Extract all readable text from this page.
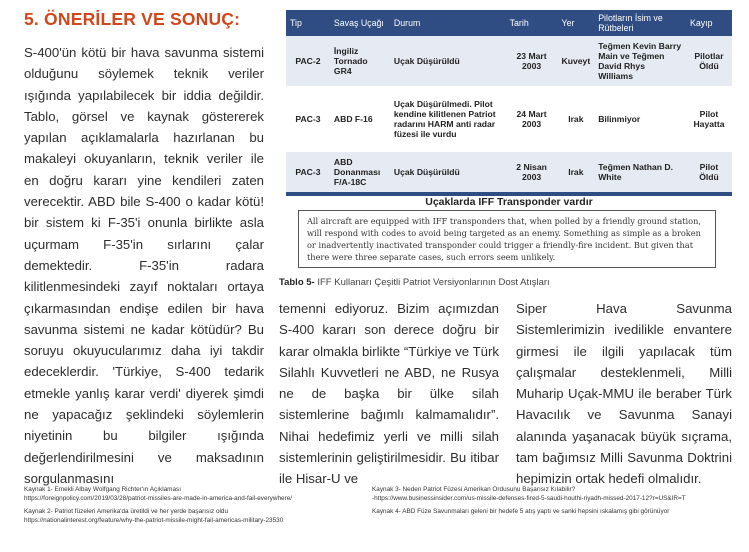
5. ÖNERİLER VE SONUÇ:

S-400'ün kötü bir hava savunma sistemi olduğunu söylemek teknik veriler ışığında yapılabilecek bir iddia değildir. Tablo, görsel ve kaynak göstererek yapılan açıklamalarla hazırlanan bu makaleyi okuyanların, teknik veriler ile en doğru kararı yine kendileri zaten verecektir. ABD bile S-400 o kadar kötü! bir sistem ki F-35'i onunla birlikte asla uçurmam F-35'in sırlarını çalar demektedir. F-35'in radara kilitlenmesindeki zayıf noktaları ortaya çıkarmasından endişe edilen bir hava savunma sistemi ne kadar kötüdür? Bu soruyu okuyucularımız daha iyi takdir edeceklerdir. 'Türkiye, S-400 tedarik etmekle yanlış karar verdi' diyerek şimdi ne yapacağız şeklindeki söylemlerin niyetinin bu bilgiler ışığında değerlendirilmesini ve maksadının sorgulanmasını

Tip	Savaş Uçağı	Durum	Tarih	Yer	Pilotların İsim ve Rütbeleri	Kayıp
PAC-2	İngiliz Tornado GR4	Uçak Düşürüldü	23 Mart 2003	Kuveyt	Teğmen Kevin Barry Main ve Teğmen David Rhys Williams	Pilotlar Öldü
PAC-3	ABD F-16	Uçak Düşürülmedi. Pilot kendine kilitlenen Patriot radarını HARM anti radar füzesi ile vurdu	24 Mart 2003	Irak	Bilinmiyor	Pilot Hayatta
PAC-3	ABD Donanması F/A-18C	Uçak Düşürüldü	2 Nisan 2003	Irak	Teğmen Nathan D. White	Pilot Öldü

Uçaklarda IFF Transponder vardır
All aircraft are equipped with IFF transponders that, when polled by a friendly ground station, will respond with codes to avoid being targeted as an enemy. Something as simple as a broken or inadvertently inactivated transponder could trigger a friendly-fire incident. But given that there were three separate cases, such errors seem unlikely.
Tablo 5- IFF Kullanarı Çeşitli Patriot Versiyonlarının Dost Atışları
temenni ediyoruz. Bizim açımızdan S-400 kararı son derece doğru bir karar olmakla birlikte “Türkiye ve Türk Silahlı Kuvvetleri ne ABD, ne Rusya ne de başka bir ülke silah sistemlerine bağımlı kalmamalıdır”. Nihai hedefimiz yerli ve milli silah sistemlerinin geliştirilmesidir. Bu itibar ile Hisar-U ve
Siper Hava Savunma Sistemlerimizin ivedilikle envantere girmesi ile ilgili yapılacak tüm çalışmalar desteklenmeli, Milli Muharip Uçak-MMU ile beraber Türk Havacılık ve Savunma Sanayi alanında yaşanacak büyük sıçrama, tam bağımsız Milli Savunma Doktrini hepimizin ortak hedefi olmalıdır.
Kaynak 1- Emekli Albay Wolfgang Richter'ın Açıklaması
https://foreignpolicy.com/2019/03/28/patriot-missiles-are-made-in-america-and-fail-everywhere/
Kaynak 2- Patriot füzeleri Amerika'da üretildi ve her yerde başarısız oldu
https://nationalinterest.org/feature/why-the-patriot-missile-might-fail-americas-military-23530
Kaynak 3- Neden Patriot Füzesi Amerikan Ordusunu Başarısız Kılabilir?
-https://www.businessinsider.com/us-missile-defenses-fired-5-saudi-houthi-riyadh-missed-2017-12?r=US&IR=T
Kaynak 4- ABD Füze Savunmaları geleni bir hedefe 5 atış yaptı ve sanki hepsini ıskalamış gibi görünüyor
